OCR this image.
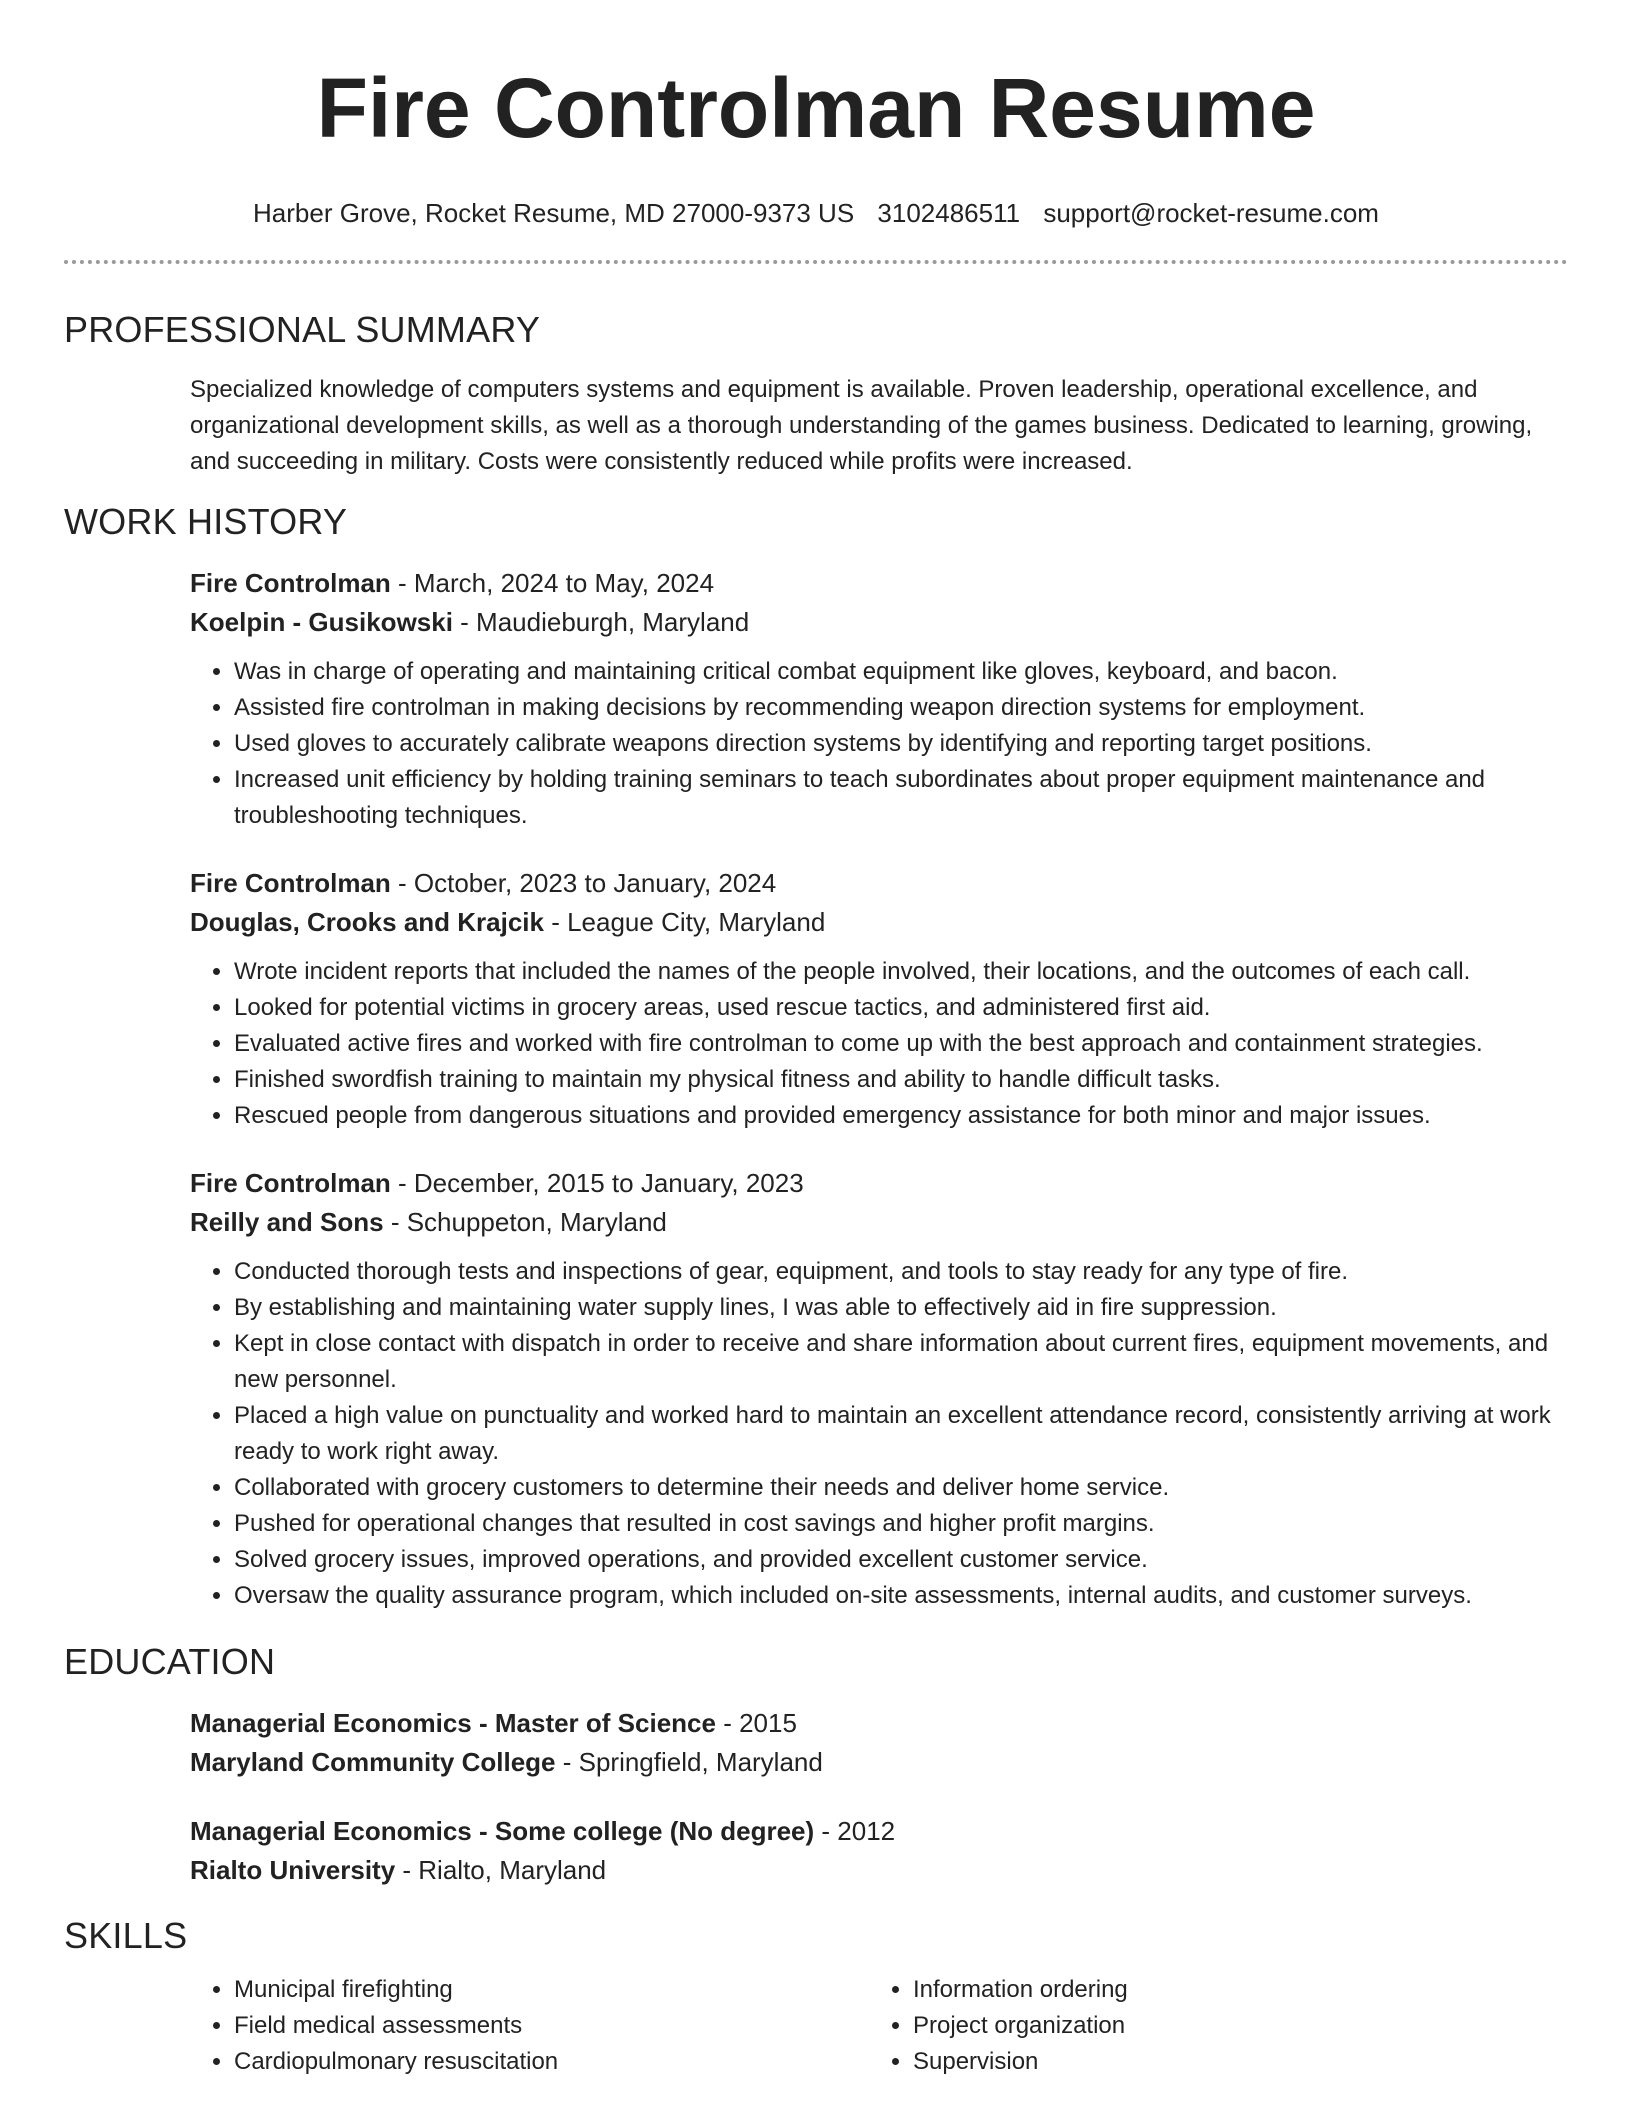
Fire Controlman Resume
Harber Grove, Rocket Resume, MD 27000-9373 US 3102486511 support@rocket-resume.com
PROFESSIONAL SUMMARY

Specialized knowledge of computers systems and equipment is available. Proven leadership, operational excellence, and organizational development skills, as well as a thorough understanding of the games business. Dedicated to learning, growing, and succeeding in military. Costs were consistently reduced while profits were increased.

WORK HISTORY
Fire Controlman - March, 2024 to May, 2024
Koelpin - Gusikowski - Maudieburgh, Maryland
• Was in charge of operating and maintaining critical combat equipment like gloves, keyboard, and bacon.
• Assisted fire controlman in making decisions by recommending weapon direction systems for employment.
• Used gloves to accurately calibrate weapons direction systems by identifying and reporting target positions.
• Increased unit efficiency by holding training seminars to teach subordinates about proper equipment maintenance and troubleshooting techniques.
Fire Controlman - October, 2023 to January, 2024
Douglas, Crooks and Krajcik - League City, Maryland
• Wrote incident reports that included the names of the people involved, their locations, and the outcomes of each call.
• Looked for potential victims in grocery areas, used rescue tactics, and administered first aid.
• Evaluated active fires and worked with fire controlman to come up with the best approach and containment strategies.
• Finished swordfish training to maintain my physical fitness and ability to handle difficult tasks.
• Rescued people from dangerous situations and provided emergency assistance for both minor and major issues.
Fire Controlman - December, 2015 to January, 2023
Reilly and Sons - Schuppeton, Maryland
• Conducted thorough tests and inspections of gear, equipment, and tools to stay ready for any type of fire.
• By establishing and maintaining water supply lines, I was able to effectively aid in fire suppression.
• Kept in close contact with dispatch in order to receive and share information about current fires, equipment movements, and new personnel.
• Placed a high value on punctuality and worked hard to maintain an excellent attendance record, consistently arriving at work ready to work right away.
• Collaborated with grocery customers to determine their needs and deliver home service.
• Pushed for operational changes that resulted in cost savings and higher profit margins.
• Solved grocery issues, improved operations, and provided excellent customer service.
• Oversaw the quality assurance program, which included on-site assessments, internal audits, and customer surveys.
EDUCATION
Managerial Economics - Master of Science - 2015
Maryland Community College - Springfield, Maryland
Managerial Economics - Some college (No degree) - 2012
Rialto University - Rialto, Maryland
SKILLS
• Municipal firefighting
• Field medical assessments
• Cardiopulmonary resuscitation
• Information ordering
• Project organization
• Supervision
